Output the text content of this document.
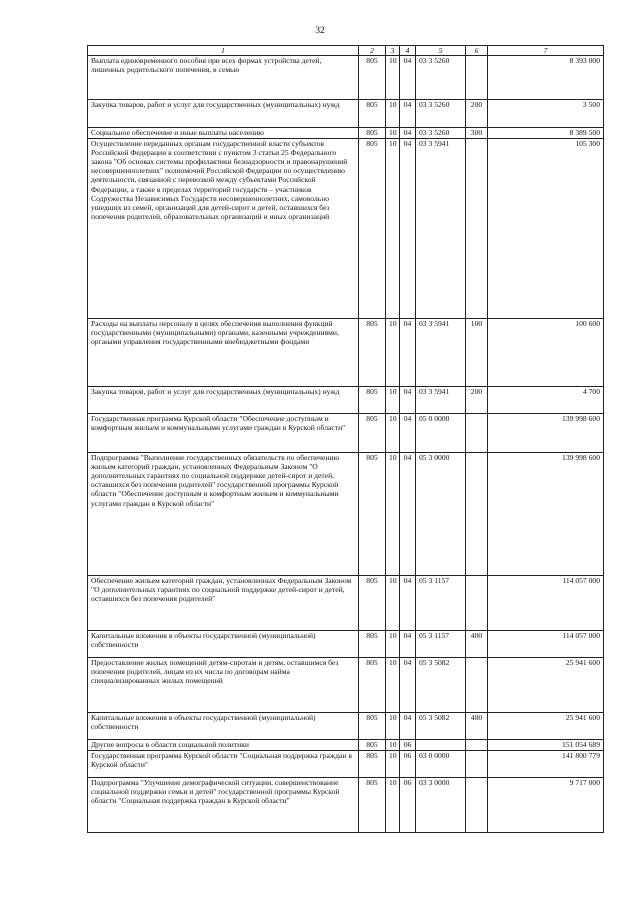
32
1	2	3	4	5	6	7
Выплата единовременного пособия при всех формах устройства детей, лишенных родительского попечения, в семью	805	10	04	03 3 5260		8 393 000
Закупка товаров, работ и услуг для государственных (муниципальных) нужд	805	10	04	03 3 5260	200	3 500
Социальное обеспечение и иные выплаты населению	805	10	04	03 3 5260	300	8 389 500
Осуществление переданных органам государственной власти субъектов Российской Федерации в соответствии с пунктом 3 статьи 25 Федерального закона "Об основах системы профилактики безнадзорности и правонарушений несовершеннолетних" полномочий Российской Федерации по осуществлению деятельности, связанной с перевозкой между субъектами Российской Федерации, а также в пределах территорий государств – участников Содружества Независимых Государств несовершеннолетних, самовольно ушедших из семей, организаций для детей-сирот и детей, оставшихся без попечения родителей, образовательных организаций и иных организаций	805	10	04	03 3 5941		105 300
Расходы на выплаты персоналу в целях обеспечения выполнения функций государственными (муниципальными) органами, казенными учреждениями, органами управления государственными внебюджетными фондами	805	10	04	03 3 5941	100	100 600
Закупка товаров, работ и услуг для государственных (муниципальных) нужд	805	10	04	03 3 5941	200	4 700
Государственная программа Курской области "Обеспечение доступным и комфортным жильем и коммунальными услугами граждан в Курской области"	805	10	04	05 0 0000		139 998 600
Подпрограмма "Выполнение государственных обязательств по обеспечению жильем категорий граждан, установленных Федеральным Законом "О дополнительных гарантиях по социальной поддержке детей-сирот и детей, оставшихся без попечения родителей" государственной программы Курской области "Обеспечение доступным и комфортным жильем и коммунальными услугами граждан в Курской области"	805	10	04	05 3 0000		139 998 600
Обеспечение жильем категорий граждан, установленных Федеральным Законом "О дополнительных гарантиях по социальной поддержке детей-сирот и детей, оставшихся без попечения родителей"	805	10	04	05 3 1157		114 057 000
Капитальные вложения в объекты государственной (муниципальной) собственности	805	10	04	05 3 1157	400	114 057 000
Предоставление жилых помещений детям-сиротам и детям, оставшимся без попечения родителей, лицам из их числа по договорам найма специализированных жилых помещений	805	10	04	05 3 5082		25 941 600
Капитальные вложения в объекты государственной (муниципальной) собственности	805	10	04	05 3 5082	400	25 941 600
Другие вопросы в области социальной политики	805	10	06			151 054 689
Государственная программа Курской области "Социальная поддержка граждан в Курской области"	805	10	06	03 0 0000		141 800 779
Подпрограмма "Улучшение демографической ситуации, совершенствование социальной поддержки семьи и детей" государственной программы Курской области "Социальная поддержка граждан в Курской области"	805	10	06	03 3 0000		9 717 000
